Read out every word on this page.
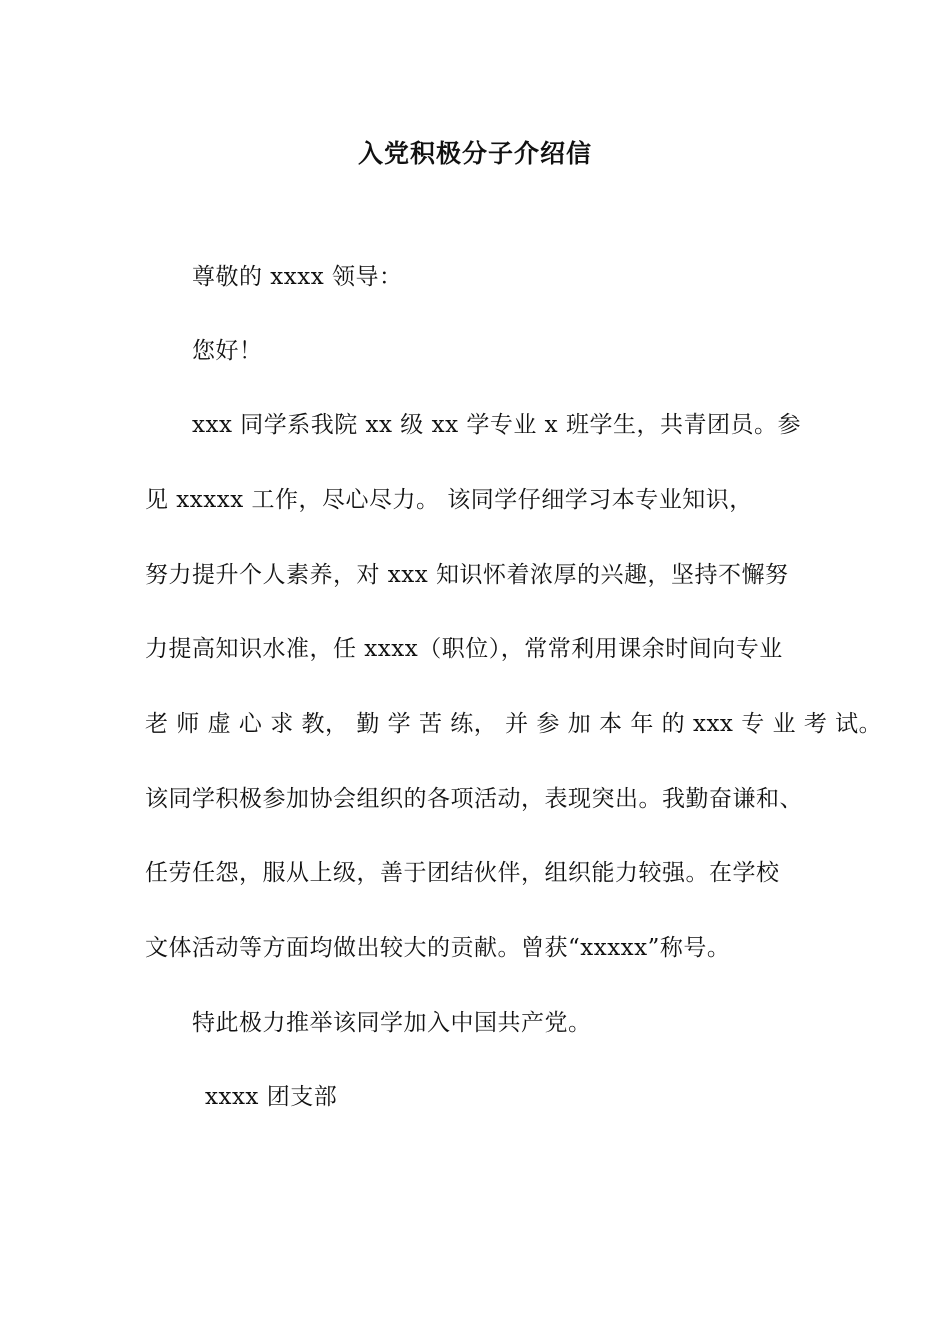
入党积极分子介绍信
尊敬的 xxxx 领导：
您好！
xxx 同学系我院 xx 级 xx 学专业 x 班学生，共青团员。参
见 xxxxx 工作，尽心尽力。 该同学仔细学习本专业知识，
努力提升个人素养，对 xxx 知识怀着浓厚的兴趣，坚持不懈努
力提高知识水准，任 xxxx（职位），常常利用课余时间向专业
老 师 虚 心 求 教， 勤 学 苦 练， 并 参 加 本 年 的 xxx 专 业 考 试。
该同学积极参加协会组织的各项活动，表现突出。我勤奋谦和、
任劳任怨，服从上级，善于团结伙伴，组织能力较强。在学校
文体活动等方面均做出较大的贡献。曾获“xxxxx”称号。
特此极力推举该同学加入中国共产党。
xxxx 团支部
